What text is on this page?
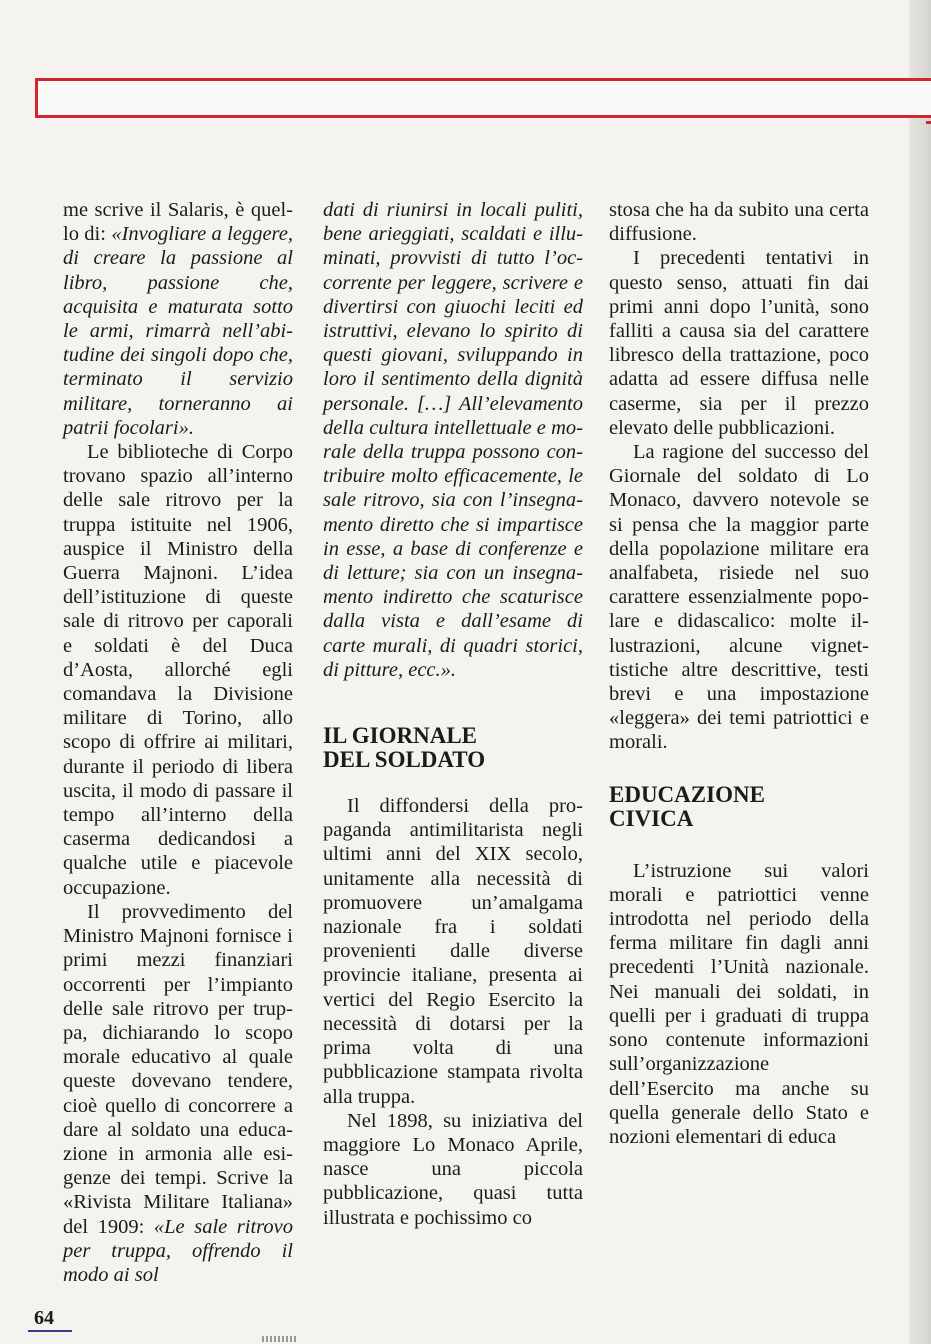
me scrive il Salaris, è quello di: «Invogliare a leggere, di creare la passione al libro, passione che, acquisita e maturata sotto le armi, rimarrà nell’abitudine dei singoli dopo che, terminato il servizio militare, torneranno ai patrii focolari».

Le biblioteche di Corpo trovano spazio all’interno delle sale ritrovo per la truppa istituite nel 1906, auspice il Ministro della Guerra Majnoni. L’idea dell’istituzione di queste sale di ritrovo per caporali e soldati è del Duca d’Aosta, allorché egli comandava la Divisione militare di Torino, allo scopo di offrire ai militari, durante il periodo di libera uscita, il modo di passare il tempo all’interno della caserma dedicandosi a qualche utile e piacevole occupazione.

Il provvedimento del Ministro Majnoni fornisce i primi mezzi finanziari occorrenti per l’impianto delle sale ritrovo per truppa, dichiarando lo scopo morale educativo al quale queste dovevano tendere, cioè quello di concorrere a dare al soldato una educazione in armonia alle esigenze dei tempi. Scrive la «Rivista Militare Italiana» del 1909: «Le sale ritrovo per truppa, offrendo il modo ai sol

dati di riunirsi in locali puliti, bene arieggiati, scaldati e illuminati, provvisti di tutto l’occorrente per leggere, scrivere e divertirsi con giuochi leciti ed istruttivi, elevano lo spirito di questi giovani, sviluppando in loro il sentimento della dignità personale. […] All’elevamento della cultura intellettuale e morale della truppa possono contribuire molto efficacemente, le sale ritrovo, sia con l’insegnamento diretto che si impartisce in esse, a base di conferenze e di letture; sia con un insegnamento indiretto che scaturisce dalla vista e dall’esame di carte murali, di quadri storici, di pitture, ecc.».

IL GIORNALE
DEL SOLDATO

Il diffondersi della propaganda antimilitarista negli ultimi anni del XIX secolo, unitamente alla necessità di promuovere un’amalgama nazionale fra i soldati provenienti dalle diverse provincie italiane, presenta ai vertici del Regio Esercito la necessità di dotarsi per la prima volta di una pubblicazione stampata rivolta alla truppa.

Nel 1898, su iniziativa del maggiore Lo Monaco Aprile, nasce una piccola pubblicazione, quasi tutta illustrata e pochissimo co

stosa che ha da subito una certa diffusione.

I precedenti tentativi in questo senso, attuati fin dai primi anni dopo l’unità, sono falliti a causa sia del carattere libresco della trattazione, poco adatta ad essere diffusa nelle caserme, sia per il prezzo elevato delle pubblicazioni.

La ragione del successo del Giornale del soldato di Lo Monaco, davvero notevole se si pensa che la maggior parte della popolazione militare era analfabeta, risiede nel suo carattere essenzialmente popolare e didascalico: molte illustrazioni, alcune vignettistiche altre descrittive, testi brevi e una impostazione «leggera» dei temi patriottici e morali.

EDUCAZIONE
CIVICA

L’istruzione sui valori morali e patriottici venne introdotta nel periodo della ferma militare fin dagli anni precedenti l’Unità nazionale. Nei manuali dei soldati, in quelli per i graduati di truppa sono contenute informazioni sull’organizzazione dell’Esercito ma anche su quella generale dello Stato e nozioni elementari di educa

64
